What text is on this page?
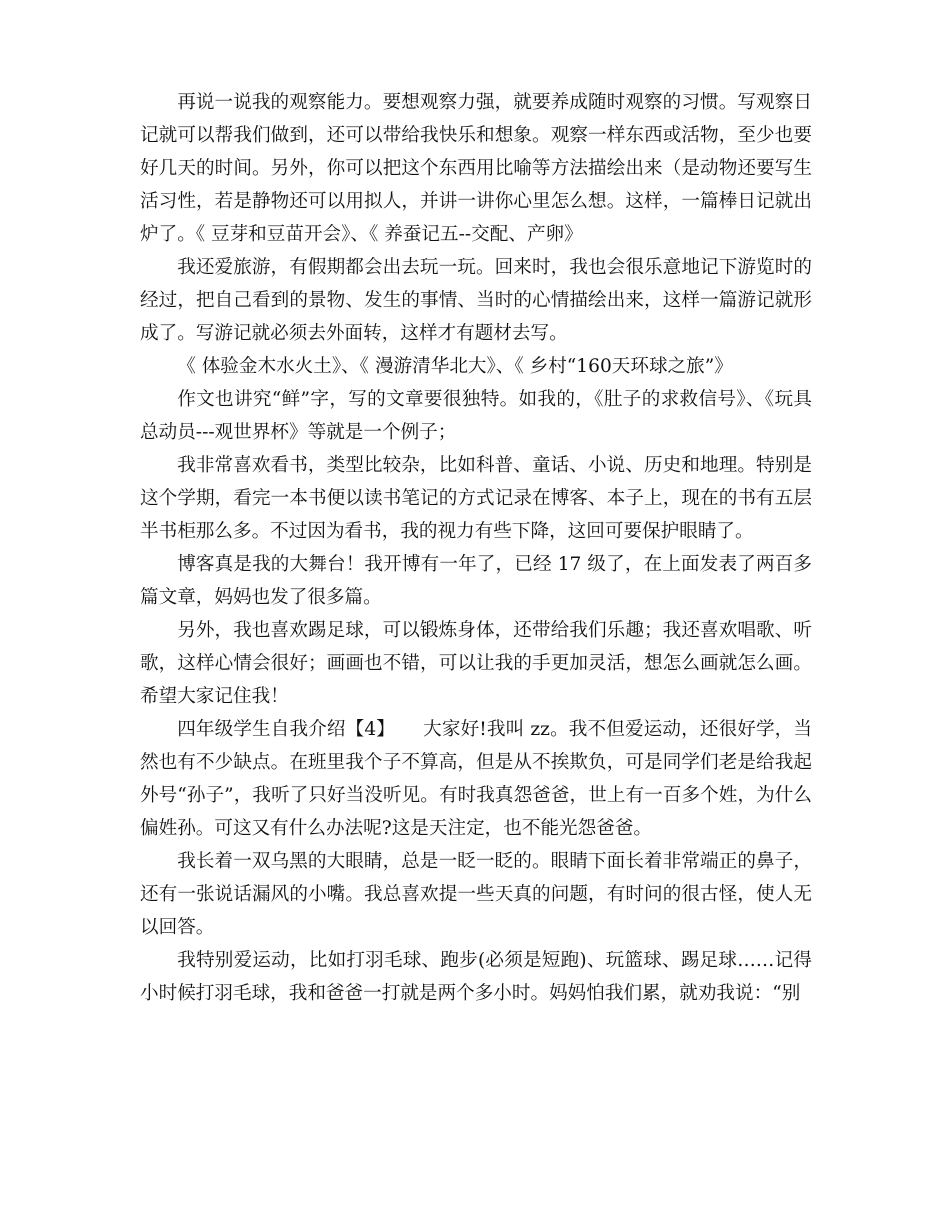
再说一说我的观察能力。要想观察力强，就要养成随时观察的习惯。写观察日记就可以帮我们做到，还可以带给我快乐和想象。观察一样东西或活物，至少也要好几天的时间。另外，你可以把这个东西用比喻等方法描绘出来（是动物还要写生活习性，若是静物还可以用拟人，并讲一讲你心里怎么想。这样，一篇棒日记就出炉了。《 豆芽和豆苗开会》、《 养蚕记五--交配、产卵》

我还爱旅游，有假期都会出去玩一玩。回来时，我也会很乐意地记下游览时的经过，把自己看到的景物、发生的事情、当时的心情描绘出来，这样一篇游记就形成了。写游记就必须去外面转，这样才有题材去写。

《 体验金木水火土》、《 漫游清华北大》、《 乡村“160天环球之旅”》

作文也讲究“鲜”字，写的文章要很独特。如我的，《肚子的求救信号》、《玩具总动员---观世界杯》等就是一个例子；

我非常喜欢看书，类型比较杂，比如科普、童话、小说、历史和地理。特别是这个学期，看完一本书便以读书笔记的方式记录在博客、本子上，现在的书有五层半书柜那么多。不过因为看书，我的视力有些下降，这回可要保护眼睛了。

博客真是我的大舞台！我开博有一年了，已经 17 级了，在上面发表了两百多篇文章，妈妈也发了很多篇。

另外，我也喜欢踢足球，可以锻炼身体，还带给我们乐趣；我还喜欢唱歌、听歌，这样心情会很好；画画也不错，可以让我的手更加灵活，想怎么画就怎么画。希望大家记住我！

四年级学生自我介绍【4】　　大家好!我叫 zz。我不但爱运动，还很好学，当然也有不少缺点。在班里我个子不算高，但是从不挨欺负，可是同学们老是给我起外号“孙子”，我听了只好当没听见。有时我真怨爸爸，世上有一百多个姓，为什么偏姓孙。可这又有什么办法呢?这是天注定，也不能光怨爸爸。

我长着一双乌黑的大眼睛，总是一眨一眨的。眼睛下面长着非常端正的鼻子，还有一张说话漏风的小嘴。我总喜欢提一些天真的问题，有时问的很古怪，使人无以回答。

我特别爱运动，比如打羽毛球、跑步(必须是短跑)、玩篮球、踢足球……记得小时候打羽毛球，我和爸爸一打就是两个多小时。妈妈怕我们累，就劝我说：“别
